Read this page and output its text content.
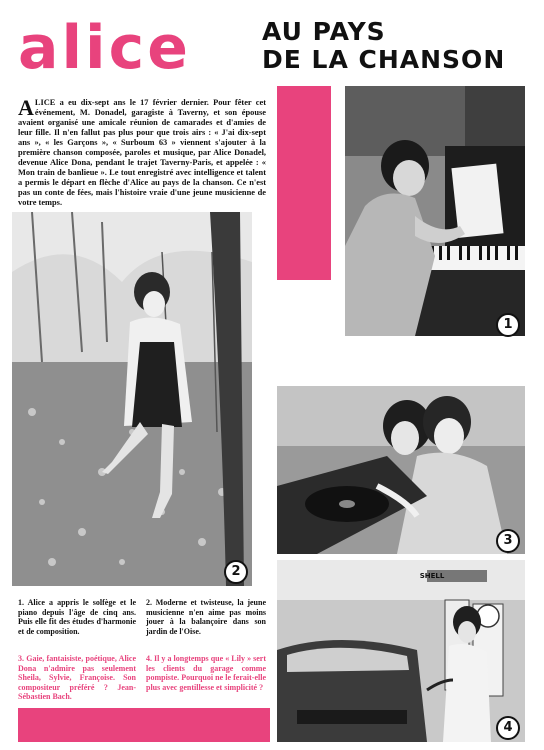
alice	AU PAYS
DE LA CHANSON
ALICE a eu dix-sept ans le 17 février dernier. Pour fêter cet événement, M. Donadel, garagiste à Taverny, et son épouse avaient organisé une amicale réunion de camarades et d'amies de leur fille. Il n'en fallut pas plus pour que trois airs : « J'ai dix-sept ans », « les Garçons », « Surboum 63 » viennent s'ajouter à la première chanson composée, paroles et musique, par Alice Donadel, devenue Alice Dona, pendant le trajet Taverny-Paris, et appelée : « Mon train de banlieue ». Le tout enregistré avec intelligence et talent a permis le départ en flèche d'Alice au pays de la chanson. Ce n'est pas un conte de fées, mais l'histoire vraie d'une jeune musicienne de votre temps.
1
2
3
SHELL
4
1. Alice a appris le solfège et le piano depuis l'âge de cinq ans. Puis elle fit des études d'harmonie et de composition.
2. Moderne et twisteuse, la jeune musicienne n'en aime pas moins jouer à la balançoire dans son jardin de l'Oise.
3. Gaie, fantaisiste, poétique, Alice Dona n'admire pas seulement Sheila, Sylvie, Françoise. Son compositeur préféré ? Jean-Sébastien Bach.
4. Il y a longtemps que « Lily » sert les clients du garage comme pompiste. Pourquoi ne le ferait-elle plus avec gentillesse et simplicité ?
